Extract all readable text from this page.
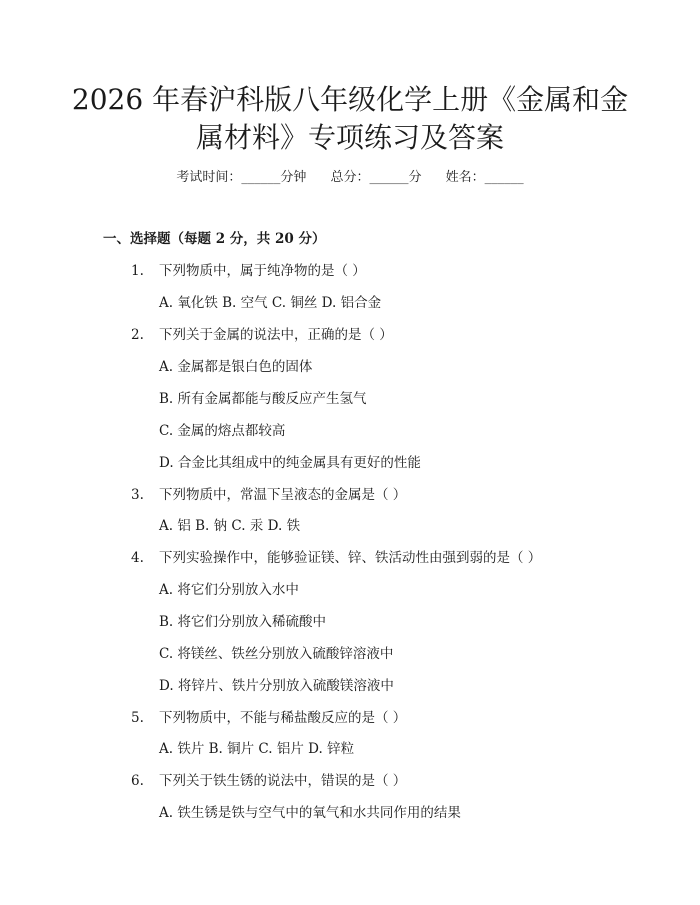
2026 年春沪科版八年级化学上册《金属和金
属材料》专项练习及答案
考试时间：______分钟 总分：______分 姓名：______
一、选择题（每题 2 分，共 20 分）
1. 下列物质中，属于纯净物的是（ ）
A. 氧化铁 B. 空气 C. 铜丝 D. 铝合金
2. 下列关于金属的说法中，正确的是（ ）
A. 金属都是银白色的固体
B. 所有金属都能与酸反应产生氢气
C. 金属的熔点都较高
D. 合金比其组成中的纯金属具有更好的性能
3. 下列物质中，常温下呈液态的金属是（ ）
A. 铝 B. 钠 C. 汞 D. 铁
4. 下列实验操作中，能够验证镁、锌、铁活动性由强到弱的是（ ）
A. 将它们分别放入水中
B. 将它们分别放入稀硫酸中
C. 将镁丝、铁丝分别放入硫酸锌溶液中
D. 将锌片、铁片分别放入硫酸镁溶液中
5. 下列物质中，不能与稀盐酸反应的是（ ）
A. 铁片 B. 铜片 C. 铝片 D. 锌粒
6. 下列关于铁生锈的说法中，错误的是（ ）
A. 铁生锈是铁与空气中的氧气和水共同作用的结果
